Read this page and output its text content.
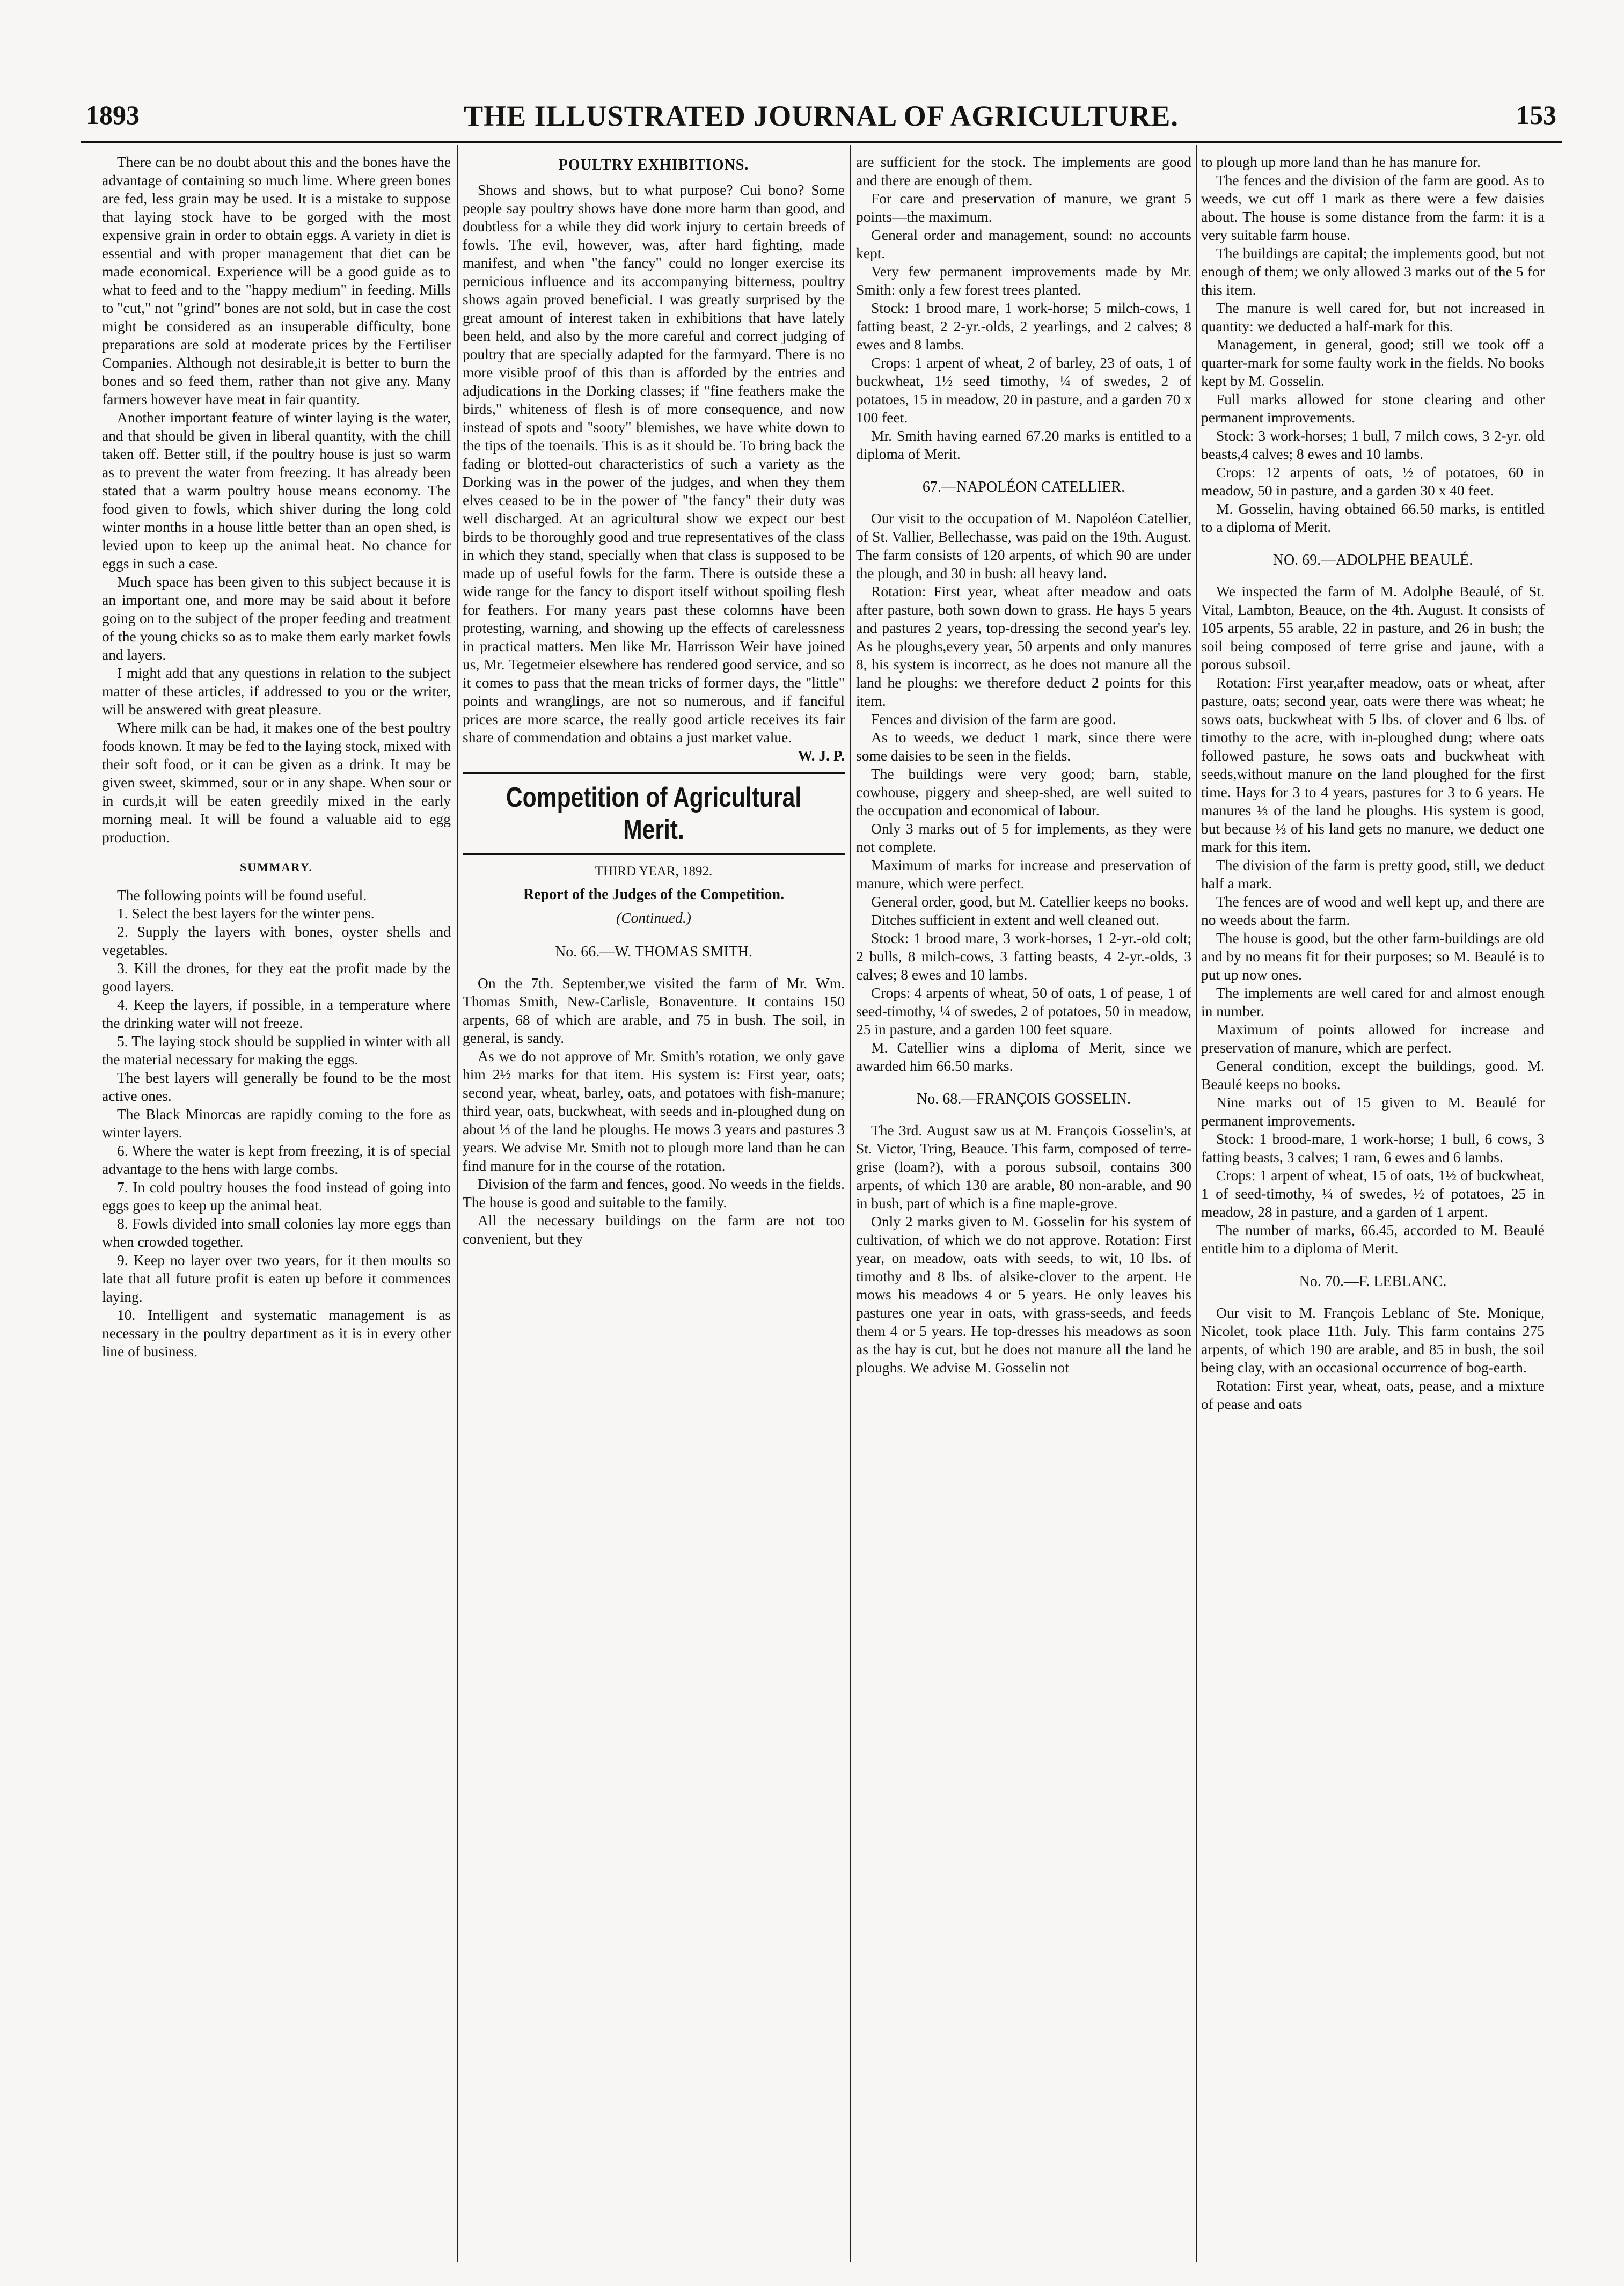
1893	THE ILLUSTRATED JOURNAL OF AGRICULTURE.	153

There can be no doubt about this and the bones have the advantage of containing so much lime. Where green bones are fed, less grain may be used. It is a mistake to suppose that laying stock have to be gorged with the most expensive grain in order to obtain eggs. A variety in diet is essential and with proper management that diet can be made economical. Experience will be a good guide as to what to feed and to the "happy medium" in feeding. Mills to "cut," not "grind" bones are not sold, but in case the cost might be considered as an insuperable difficulty, bone preparations are sold at moderate prices by the Fertiliser Companies. Although not desirable,it is better to burn the bones and so feed them, rather than not give any. Many farmers however have meat in fair quantity.

Another important feature of winter laying is the water, and that should be given in liberal quantity, with the chill taken off. Better still, if the poultry house is just so warm as to prevent the water from freezing. It has already been stated that a warm poultry house means economy. The food given to fowls, which shiver during the long cold winter months in a house little better than an open shed, is levied upon to keep up the animal heat. No chance for eggs in such a case.

Much space has been given to this subject because it is an important one, and more may be said about it before going on to the subject of the proper feeding and treatment of the young chicks so as to make them early market fowls and layers.

I might add that any questions in relation to the subject matter of these articles, if addressed to you or the writer, will be answered with great pleasure.

Where milk can be had, it makes one of the best poultry foods known. It may be fed to the laying stock, mixed with their soft food, or it can be given as a drink. It may be given sweet, skimmed, sour or in any shape. When sour or in curds,it will be eaten greedily mixed in the early morning meal. It will be found a valuable aid to egg production.

SUMMARY.

The following points will be found useful.

1. Select the best layers for the winter pens.

2. Supply the layers with bones, oyster shells and vegetables.

3. Kill the drones, for they eat the profit made by the good layers.

4. Keep the layers, if possible, in a temperature where the drinking water will not freeze.

5. The laying stock should be supplied in winter with all the material necessary for making the eggs.

The best layers will generally be found to be the most active ones.

The Black Minorcas are rapidly coming to the fore as winter layers.

6. Where the water is kept from freezing, it is of special advantage to the hens with large combs.

7. In cold poultry houses the food instead of going into eggs goes to keep up the animal heat.

8. Fowls divided into small colonies lay more eggs than when crowded together.

9. Keep no layer over two years, for it then moults so late that all future profit is eaten up before it commences laying.

10. Intelligent and systematic management is as necessary in the poultry department as it is in every other line of business.

POULTRY EXHIBITIONS.

Shows and shows, but to what purpose? Cui bono? Some people say poultry shows have done more harm than good, and doubtless for a while they did work injury to certain breeds of fowls. The evil, however, was, after hard fighting, made manifest, and when "the fancy" could no longer exercise its pernicious influence and its accompanying bitterness, poultry shows again proved beneficial. I was greatly surprised by the great amount of interest taken in exhibitions that have lately been held, and also by the more careful and correct judging of poultry that are specially adapted for the farmyard. There is no more visible proof of this than is afforded by the entries and adjudications in the Dorking classes; if "fine feathers make the birds," whiteness of flesh is of more consequence, and now instead of spots and "sooty" blemishes, we have white down to the tips of the toenails. This is as it should be. To bring back the fading or blotted-out characteristics of such a variety as the Dorking was in the power of the judges, and when they them elves ceased to be in the power of "the fancy" their duty was well discharged. At an agricultural show we expect our best birds to be thoroughly good and true representatives of the class in which they stand, specially when that class is supposed to be made up of useful fowls for the farm. There is outside these a wide range for the fancy to disport itself without spoiling flesh for feathers. For many years past these colomns have been protesting, warning, and showing up the effects of carelessness in practical matters. Men like Mr. Harrisson Weir have joined us, Mr. Tegetmeier elsewhere has rendered good service, and so it comes to pass that the mean tricks of former days, the "little" points and wranglings, are not so numerous, and if fanciful prices are more scarce, the really good article receives its fair share of commendation and obtains a just market value.

W. J. P.
Competition of Agricultural Merit.
THIRD YEAR, 1892.
Report of the Judges of the Competition.
(Continued.)
No. 66.—W. THOMAS SMITH.

On the 7th. September,we visited the farm of Mr. Wm. Thomas Smith, New-Carlisle, Bonaventure. It contains 150 arpents, 68 of which are arable, and 75 in bush. The soil, in general, is sandy.

As we do not approve of Mr. Smith's rotation, we only gave him 2½ marks for that item. His system is: First year, oats; second year, wheat, barley, oats, and potatoes with fish-manure; third year, oats, buckwheat, with seeds and in-ploughed dung on about ⅓ of the land he ploughs. He mows 3 years and pastures 3 years. We advise Mr. Smith not to plough more land than he can find manure for in the course of the rotation.

Division of the farm and fences, good. No weeds in the fields. The house is good and suitable to the family.

All the necessary buildings on the farm are not too convenient, but they

are sufficient for the stock. The implements are good and there are enough of them.

For care and preservation of manure, we grant 5 points—the maximum.

General order and management, sound: no accounts kept.

Very few permanent improvements made by Mr. Smith: only a few forest trees planted.

Stock: 1 brood mare, 1 work-horse; 5 milch-cows, 1 fatting beast, 2 2-yr.-olds, 2 yearlings, and 2 calves; 8 ewes and 8 lambs.

Crops: 1 arpent of wheat, 2 of barley, 23 of oats, 1 of buckwheat, 1½ seed timothy, ¼ of swedes, 2 of potatoes, 15 in meadow, 20 in pasture, and a garden 70 x 100 feet.

Mr. Smith having earned 67.20 marks is entitled to a diploma of Merit.

67.—NAPOLÉON CATELLIER.

Our visit to the occupation of M. Napoléon Catellier, of St. Vallier, Bellechasse, was paid on the 19th. August. The farm consists of 120 arpents, of which 90 are under the plough, and 30 in bush: all heavy land.

Rotation: First year, wheat after meadow and oats after pasture, both sown down to grass. He hays 5 years and pastures 2 years, top-dressing the second year's ley. As he ploughs,every year, 50 arpents and only manures 8, his system is incorrect, as he does not manure all the land he ploughs: we therefore deduct 2 points for this item.

Fences and division of the farm are good.

As to weeds, we deduct 1 mark, since there were some daisies to be seen in the fields.

The buildings were very good; barn, stable, cowhouse, piggery and sheep-shed, are well suited to the occupation and economical of labour.

Only 3 marks out of 5 for implements, as they were not complete.

Maximum of marks for increase and preservation of manure, which were perfect.

General order, good, but M. Catellier keeps no books.

Ditches sufficient in extent and well cleaned out.

Stock: 1 brood mare, 3 work-horses, 1 2-yr.-old colt; 2 bulls, 8 milch-cows, 3 fatting beasts, 4 2-yr.-olds, 3 calves; 8 ewes and 10 lambs.

Crops: 4 arpents of wheat, 50 of oats, 1 of pease, 1 of seed-timothy, ¼ of swedes, 2 of potatoes, 50 in meadow, 25 in pasture, and a garden 100 feet square.

M. Catellier wins a diploma of Merit, since we awarded him 66.50 marks.

No. 68.—FRANÇOIS GOSSELIN.

The 3rd. August saw us at M. François Gosselin's, at St. Victor, Tring, Beauce. This farm, composed of terre-grise (loam?), with a porous subsoil, contains 300 arpents, of which 130 are arable, 80 non-arable, and 90 in bush, part of which is a fine maple-grove.

Only 2 marks given to M. Gosselin for his system of cultivation, of which we do not approve. Rotation: First year, on meadow, oats with seeds, to wit, 10 lbs. of timothy and 8 lbs. of alsike-clover to the arpent. He mows his meadows 4 or 5 years. He only leaves his pastures one year in oats, with grass-seeds, and feeds them 4 or 5 years. He top-dresses his meadows as soon as the hay is cut, but he does not manure all the land he ploughs. We advise M. Gosselin not

to plough up more land than he has manure for.

The fences and the division of the farm are good. As to weeds, we cut off 1 mark as there were a few daisies about. The house is some distance from the farm: it is a very suitable farm house.

The buildings are capital; the implements good, but not enough of them; we only allowed 3 marks out of the 5 for this item.

The manure is well cared for, but not increased in quantity: we deducted a half-mark for this.

Management, in general, good; still we took off a quarter-mark for some faulty work in the fields. No books kept by M. Gosselin.

Full marks allowed for stone clearing and other permanent improvements.

Stock: 3 work-horses; 1 bull, 7 milch cows, 3 2-yr. old beasts,4 calves; 8 ewes and 10 lambs.

Crops: 12 arpents of oats, ½ of potatoes, 60 in meadow, 50 in pasture, and a garden 30 x 40 feet.

M. Gosselin, having obtained 66.50 marks, is entitled to a diploma of Merit.

NO. 69.—ADOLPHE BEAULÉ.

We inspected the farm of M. Adolphe Beaulé, of St. Vital, Lambton, Beauce, on the 4th. August. It consists of 105 arpents, 55 arable, 22 in pasture, and 26 in bush; the soil being composed of terre grise and jaune, with a porous subsoil.

Rotation: First year,after meadow, oats or wheat, after pasture, oats; second year, oats were there was wheat; he sows oats, buckwheat with 5 lbs. of clover and 6 lbs. of timothy to the acre, with in-ploughed dung; where oats followed pasture, he sows oats and buckwheat with seeds,without manure on the land ploughed for the first time. Hays for 3 to 4 years, pastures for 3 to 6 years. He manures ⅓ of the land he ploughs. His system is good, but because ⅓ of his land gets no manure, we deduct one mark for this item.

The division of the farm is pretty good, still, we deduct half a mark.

The fences are of wood and well kept up, and there are no weeds about the farm.

The house is good, but the other farm-buildings are old and by no means fit for their purposes; so M. Beaulé is to put up now ones.

The implements are well cared for and almost enough in number.

Maximum of points allowed for increase and preservation of manure, which are perfect.

General condition, except the buildings, good. M. Beaulé keeps no books.

Nine marks out of 15 given to M. Beaulé for permanent improvements.

Stock: 1 brood-mare, 1 work-horse; 1 bull, 6 cows, 3 fatting beasts, 3 calves; 1 ram, 6 ewes and 6 lambs.

Crops: 1 arpent of wheat, 15 of oats, 1½ of buckwheat, 1 of seed-timothy, ¼ of swedes, ½ of potatoes, 25 in meadow, 28 in pasture, and a garden of 1 arpent.

The number of marks, 66.45, accorded to M. Beaulé entitle him to a diploma of Merit.

No. 70.—F. LEBLANC.

Our visit to M. François Leblanc of Ste. Monique, Nicolet, took place 11th. July. This farm contains 275 arpents, of which 190 are arable, and 85 in bush, the soil being clay, with an occasional occurrence of bog-earth.

Rotation: First year, wheat, oats, pease, and a mixture of pease and oats
